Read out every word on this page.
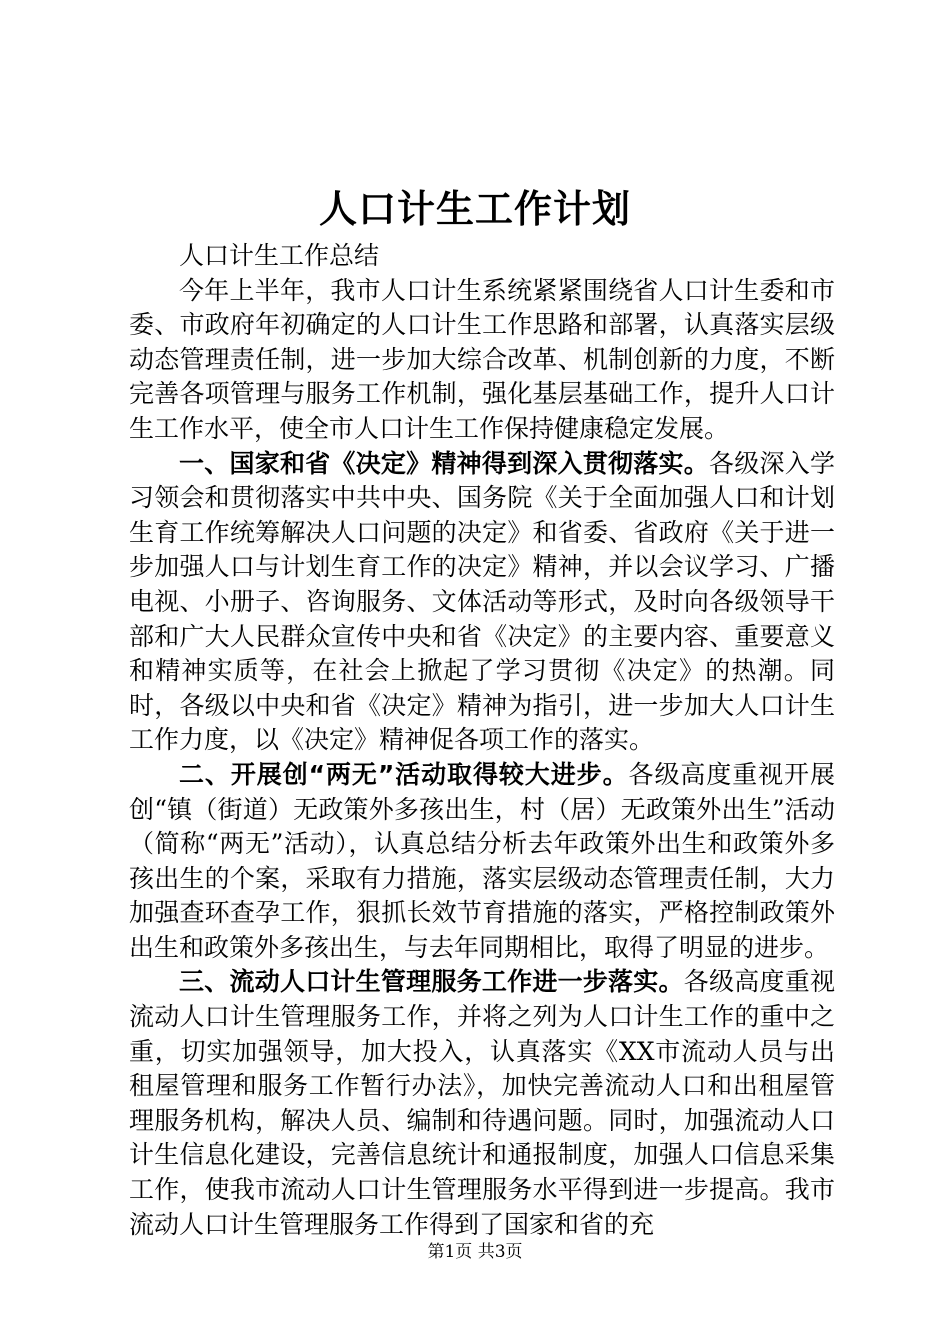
人口计生工作计划

人口计生工作总结

今年上半年，我市人口计生系统紧紧围绕省人口计生委和市委、市政府年初确定的人口计生工作思路和部署，认真落实层级动态管理责任制，进一步加大综合改革、机制创新的力度，不断完善各项管理与服务工作机制，强化基层基础工作，提升人口计生工作水平，使全市人口计生工作保持健康稳定发展。

一、国家和省《决定》精神得到深入贯彻落实。各级深入学习领会和贯彻落实中共中央、国务院《关于全面加强人口和计划生育工作统筹解决人口问题的决定》和省委、省政府《关于进一步加强人口与计划生育工作的决定》精神，并以会议学习、广播电视、小册子、咨询服务、文体活动等形式，及时向各级领导干部和广大人民群众宣传中央和省《决定》的主要内容、重要意义和精神实质等，在社会上掀起了学习贯彻《决定》的热潮。同时，各级以中央和省《决定》精神为指引，进一步加大人口计生工作力度，以《决定》精神促各项工作的落实。

二、开展创“两无”活动取得较大进步。各级高度重视开展创“镇（街道）无政策外多孩出生，村（居）无政策外出生”活动（简称“两无”活动），认真总结分析去年政策外出生和政策外多孩出生的个案，采取有力措施，落实层级动态管理责任制，大力加强查环查孕工作，狠抓长效节育措施的落实，严格控制政策外出生和政策外多孩出生，与去年同期相比，取得了明显的进步。

三、流动人口计生管理服务工作进一步落实。各级高度重视流动人口计生管理服务工作，并将之列为人口计生工作的重中之重，切实加强领导，加大投入，认真落实《XX市流动人员与出租屋管理和服务工作暂行办法》，加快完善流动人口和出租屋管理服务机构，解决人员、编制和待遇问题。同时，加强流动人口计生信息化建设，完善信息统计和通报制度，加强人口信息采集工作，使我市流动人口计生管理服务水平得到进一步提高。我市流动人口计生管理服务工作得到了国家和省的充

第1页 共3页
